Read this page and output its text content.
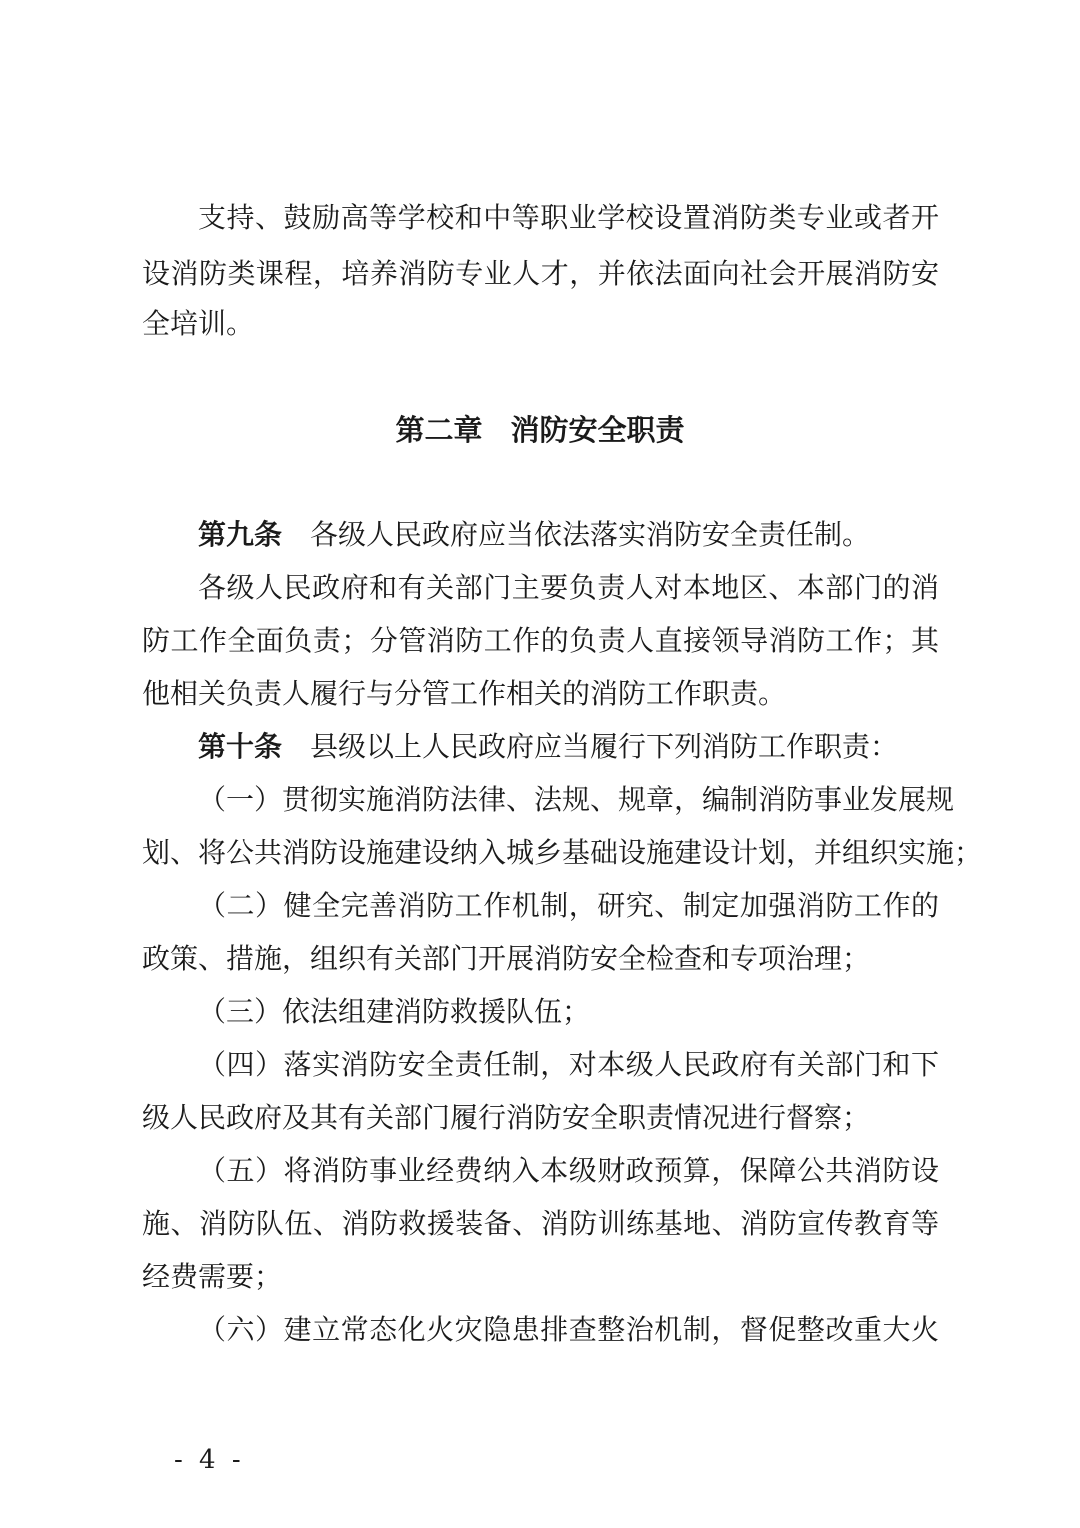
支持、鼓励高等学校和中等职业学校设置消防类专业或者开
设消防类课程，培养消防专业人才，并依法面向社会开展消防安
全培训。
第二章 消防安全职责
第九条 各级人民政府应当依法落实消防安全责任制。
各级人民政府和有关部门主要负责人对本地区、本部门的消
防工作全面负责；分管消防工作的负责人直接领导消防工作；其
他相关负责人履行与分管工作相关的消防工作职责。
第十条 县级以上人民政府应当履行下列消防工作职责：
（一）贯彻实施消防法律、法规、规章，编制消防事业发展规
划、将公共消防设施建设纳入城乡基础设施建设计划，并组织实施；
（二）健全完善消防工作机制，研究、制定加强消防工作的
政策、措施，组织有关部门开展消防安全检查和专项治理；
（三）依法组建消防救援队伍；
（四）落实消防安全责任制，对本级人民政府有关部门和下
级人民政府及其有关部门履行消防安全职责情况进行督察；
（五）将消防事业经费纳入本级财政预算，保障公共消防设
施、消防队伍、消防救援装备、消防训练基地、消防宣传教育等
经费需要；
（六）建立常态化火灾隐患排查整治机制，督促整改重大火
- 4 -
